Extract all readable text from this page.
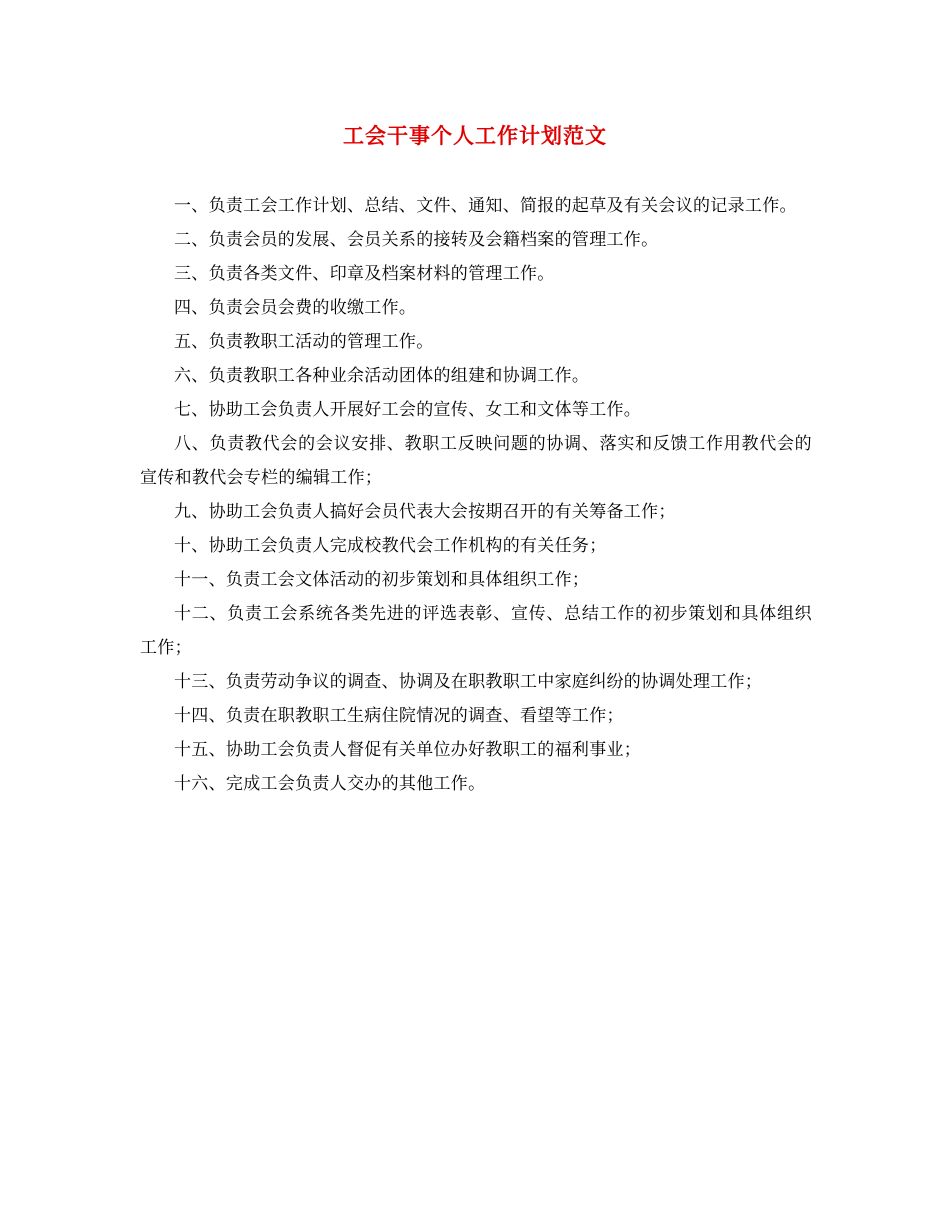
工会干事个人工作计划范文

一、负责工会工作计划、总结、文件、通知、简报的起草及有关会议的记录工作。

二、负责会员的发展、会员关系的接转及会籍档案的管理工作。

三、负责各类文件、印章及档案材料的管理工作。

四、负责会员会费的收缴工作。

五、负责教职工活动的管理工作。

六、负责教职工各种业余活动团体的组建和协调工作。

七、协助工会负责人开展好工会的宣传、女工和文体等工作。

八、负责教代会的会议安排、教职工反映问题的协调、落实和反馈工作用教代会的宣传和教代会专栏的编辑工作；

九、协助工会负责人搞好会员代表大会按期召开的有关筹备工作；

十、协助工会负责人完成校教代会工作机构的有关任务；

十一、负责工会文体活动的初步策划和具体组织工作；

十二、负责工会系统各类先进的评选表彰、宣传、总结工作的初步策划和具体组织工作；

十三、负责劳动争议的调查、协调及在职教职工中家庭纠纷的协调处理工作；

十四、负责在职教职工生病住院情况的调查、看望等工作；

十五、协助工会负责人督促有关单位办好教职工的福利事业；

十六、完成工会负责人交办的其他工作。
